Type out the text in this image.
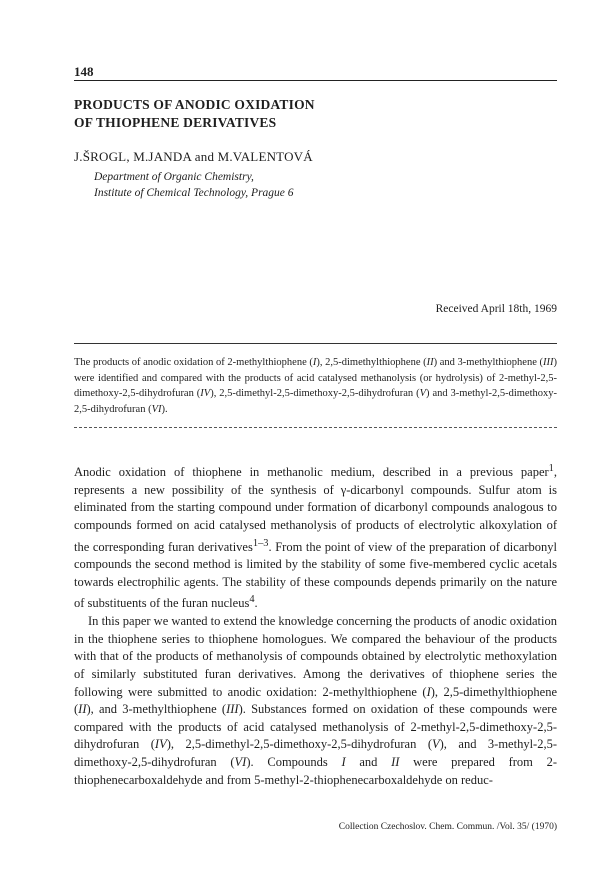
148
PRODUCTS OF ANODIC OXIDATION
OF THIOPHENE DERIVATIVES
J.ŠROGL, M.JANDA and M.VALENTOVÁ
Department of Organic Chemistry,
Institute of Chemical Technology, Prague 6
Received April 18th, 1969
The products of anodic oxidation of 2-methylthiophene (I), 2,5-dimethylthiophene (II) and 3-methylthiophene (III) were identified and compared with the products of acid catalysed methanolysis (or hydrolysis) of 2-methyl-2,5-dimethoxy-2,5-dihydrofuran (IV), 2,5-dimethyl-2,5-dimethoxy-2,5-dihydrofuran (V) and 3-methyl-2,5-dimethoxy-2,5-dihydrofuran (VI).

Anodic oxidation of thiophene in methanolic medium, described in a previous paper$^1$, represents a new possibility of the synthesis of γ-dicarbonyl compounds. Sulfur atom is eliminated from the starting compound under formation of dicarbonyl compounds analogous to compounds formed on acid catalysed methanolysis of products of electrolytic alkoxylation of the corresponding furan derivatives$^{1-3}$. From the point of view of the preparation of dicarbonyl compounds the second method is limited by the stability of some five-membered cyclic acetals towards electrophilic agents. The stability of these compounds depends primarily on the nature of substituents of the furan nucleus$^4$.

In this paper we wanted to extend the knowledge concerning the products of anodic oxidation in the thiophene series to thiophene homologues. We compared the behaviour of the products with that of the products of methanolysis of compounds obtained by electrolytic methoxylation of similarly substituted furan derivatives. Among the derivatives of thiophene series the following were submitted to anodic oxidation: 2-methylthiophene (I), 2,5-dimethylthiophene (II), and 3-methylthiophene (III). Substances formed on oxidation of these compounds were compared with the products of acid catalysed methanolysis of 2-methyl-2,5-dimethoxy-2,5-dihydrofuran (IV), 2,5-dimethyl-2,5-dimethoxy-2,5-dihydrofuran (V), and 3-methyl-2,5-dimethoxy-2,5-dihydrofuran (VI). Compounds I and II were prepared from 2-thiophenecarboxaldehyde and from 5-methyl-2-thiophenecarboxaldehyde on reduc-

Collection Czechoslov. Chem. Commun. /Vol. 35/ (1970)
